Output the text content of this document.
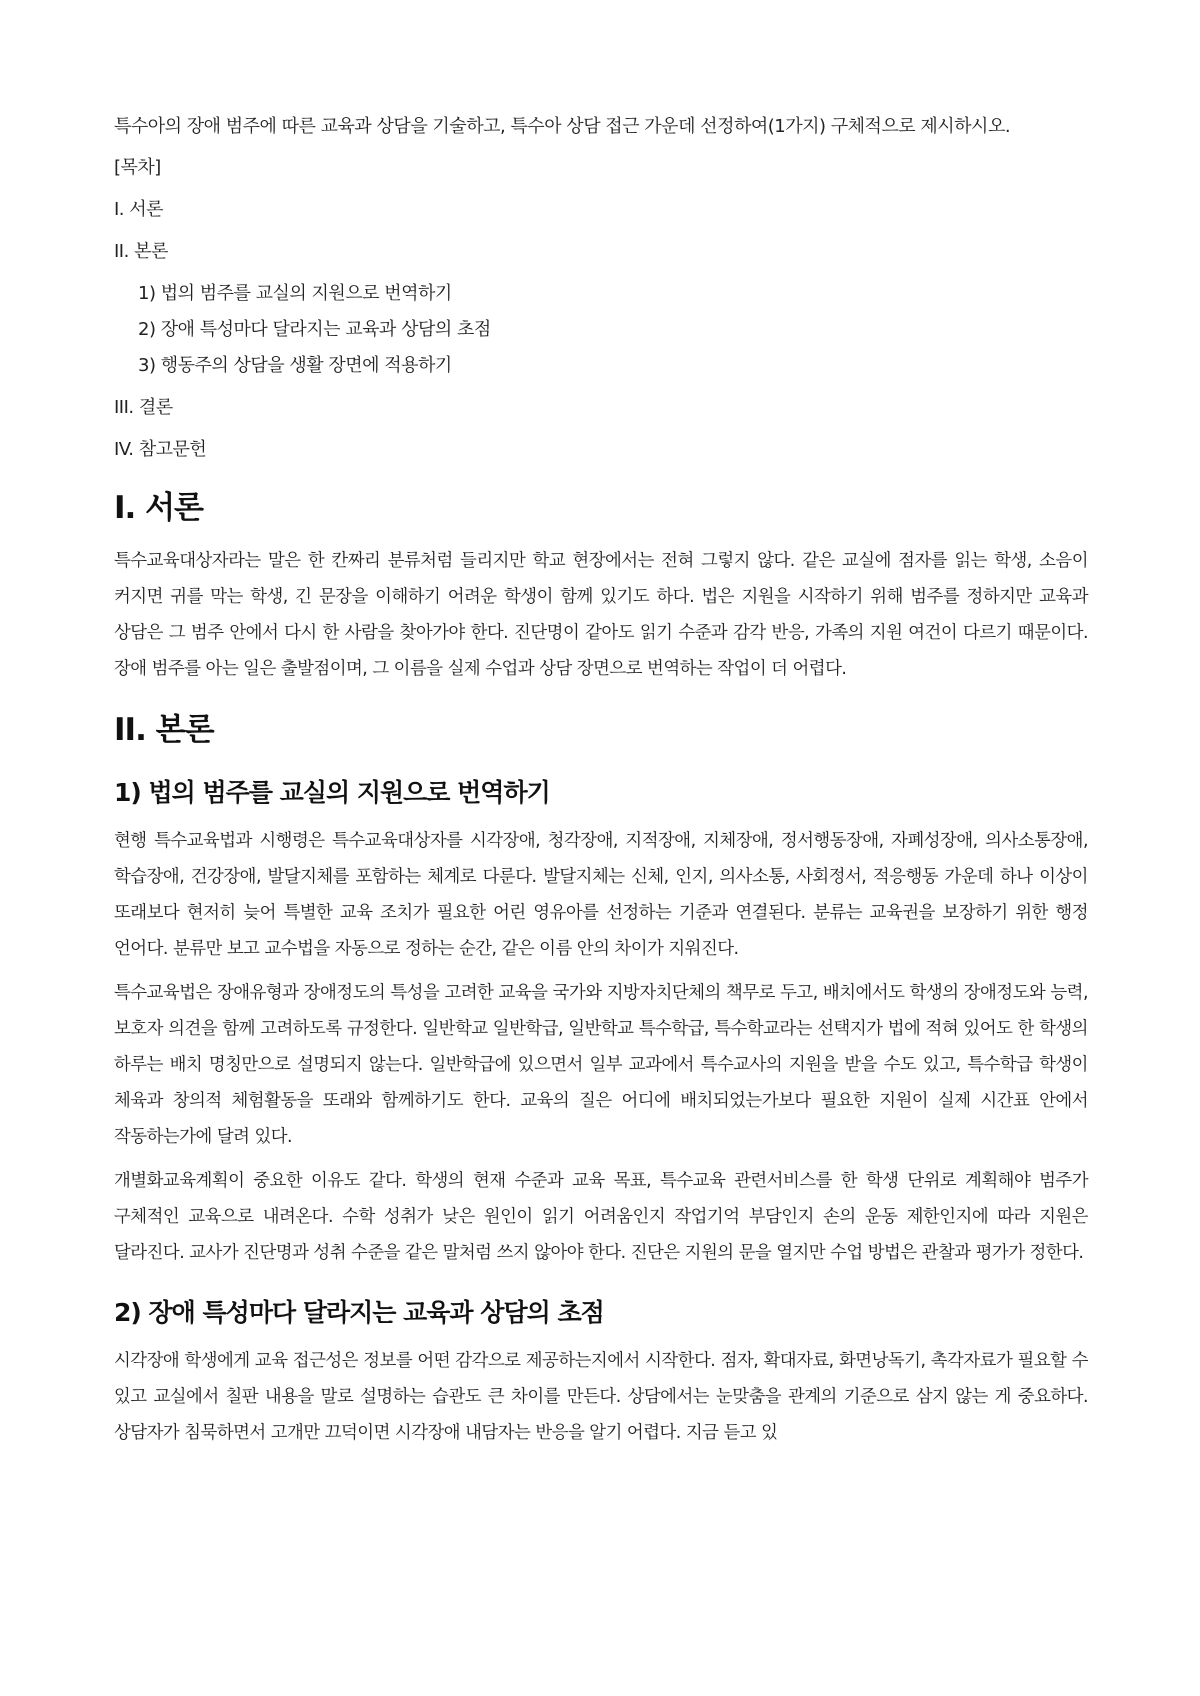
특수아의 장애 범주에 따른 교육과 상담을 기술하고, 특수아 상담 접근 가운데 선정하여(1가지) 구체적으로 제시하시오.

[목차]
I. 서론
II. 본론
1) 법의 범주를 교실의 지원으로 번역하기
2) 장애 특성마다 달라지는 교육과 상담의 초점
3) 행동주의 상담을 생활 장면에 적용하기
III. 결론
IV. 참고문헌
I. 서론

특수교육대상자라는 말은 한 칸짜리 분류처럼 들리지만 학교 현장에서는 전혀 그렇지 않다. 같은 교실에 점자를 읽는 학생, 소음이 커지면 귀를 막는 학생, 긴 문장을 이해하기 어려운 학생이 함께 있기도 하다. 법은 지원을 시작하기 위해 범주를 정하지만 교육과 상담은 그 범주 안에서 다시 한 사람을 찾아가야 한다. 진단명이 같아도 읽기 수준과 감각 반응, 가족의 지원 여건이 다르기 때문이다. 장애 범주를 아는 일은 출발점이며, 그 이름을 실제 수업과 상담 장면으로 번역하는 작업이 더 어렵다.

II. 본론
1) 법의 범주를 교실의 지원으로 번역하기

현행 특수교육법과 시행령은 특수교육대상자를 시각장애, 청각장애, 지적장애, 지체장애, 정서행동장애, 자폐성장애, 의사소통장애, 학습장애, 건강장애, 발달지체를 포함하는 체계로 다룬다. 발달지체는 신체, 인지, 의사소통, 사회정서, 적응행동 가운데 하나 이상이 또래보다 현저히 늦어 특별한 교육 조치가 필요한 어린 영유아를 선정하는 기준과 연결된다. 분류는 교육권을 보장하기 위한 행정 언어다. 분류만 보고 교수법을 자동으로 정하는 순간, 같은 이름 안의 차이가 지워진다.

특수교육법은 장애유형과 장애정도의 특성을 고려한 교육을 국가와 지방자치단체의 책무로 두고, 배치에서도 학생의 장애정도와 능력, 보호자 의견을 함께 고려하도록 규정한다. 일반학교 일반학급, 일반학교 특수학급, 특수학교라는 선택지가 법에 적혀 있어도 한 학생의 하루는 배치 명칭만으로 설명되지 않는다. 일반학급에 있으면서 일부 교과에서 특수교사의 지원을 받을 수도 있고, 특수학급 학생이 체육과 창의적 체험활동을 또래와 함께하기도 한다. 교육의 질은 어디에 배치되었는가보다 필요한 지원이 실제 시간표 안에서 작동하는가에 달려 있다.

개별화교육계획이 중요한 이유도 같다. 학생의 현재 수준과 교육 목표, 특수교육 관련서비스를 한 학생 단위로 계획해야 범주가 구체적인 교육으로 내려온다. 수학 성취가 낮은 원인이 읽기 어려움인지 작업기억 부담인지 손의 운동 제한인지에 따라 지원은 달라진다. 교사가 진단명과 성취 수준을 같은 말처럼 쓰지 않아야 한다. 진단은 지원의 문을 열지만 수업 방법은 관찰과 평가가 정한다.

2) 장애 특성마다 달라지는 교육과 상담의 초점

시각장애 학생에게 교육 접근성은 정보를 어떤 감각으로 제공하는지에서 시작한다. 점자, 확대자료, 화면낭독기, 촉각자료가 필요할 수 있고 교실에서 칠판 내용을 말로 설명하는 습관도 큰 차이를 만든다. 상담에서는 눈맞춤을 관계의 기준으로 삼지 않는 게 중요하다. 상담자가 침묵하면서 고개만 끄덕이면 시각장애 내담자는 반응을 알기 어렵다. 지금 듣고 있
